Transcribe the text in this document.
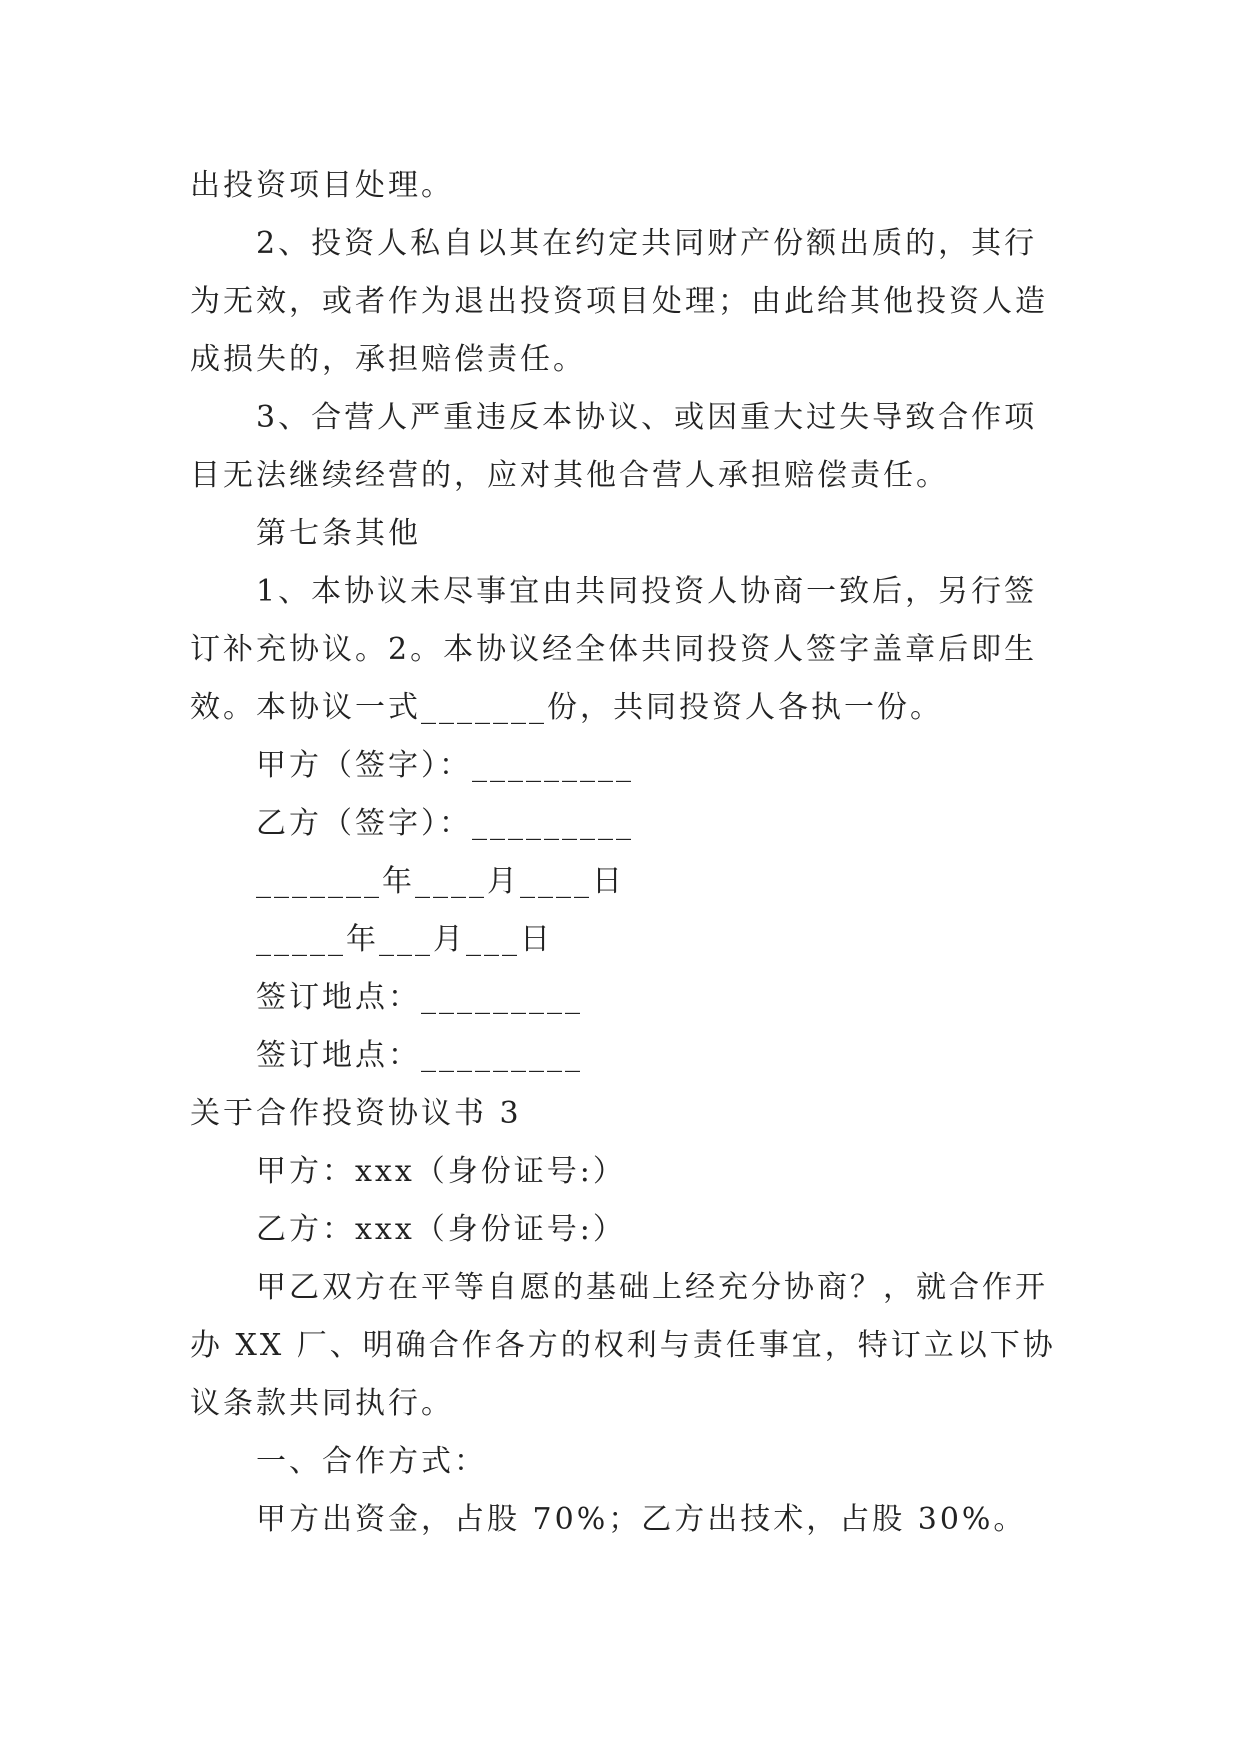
出投资项目处理。
2、投资人私自以其在约定共同财产份额出质的，其行
为无效，或者作为退出投资项目处理；由此给其他投资人造
成损失的，承担赔偿责任。
3、合营人严重违反本协议、或因重大过失导致合作项
目无法继续经营的，应对其他合营人承担赔偿责任。
第七条其他
1、本协议未尽事宜由共同投资人协商一致后，另行签
订补充协议。2。本协议经全体共同投资人签字盖章后即生
效。本协议一式_______份，共同投资人各执一份。
甲方（签字）：_________
乙方（签字）：_________
_______年____月____日
_____年___月___日
签订地点：_________
签订地点：_________
关于合作投资协议书 3
甲方：xxx（身份证号:）
乙方：xxx（身份证号:）
甲乙双方在平等自愿的基础上经充分协商？，就合作开
办 XX 厂、明确合作各方的权利与责任事宜，特订立以下协
议条款共同执行。
一、合作方式：
甲方出资金，占股 70%；乙方出技术，占股 30%。
